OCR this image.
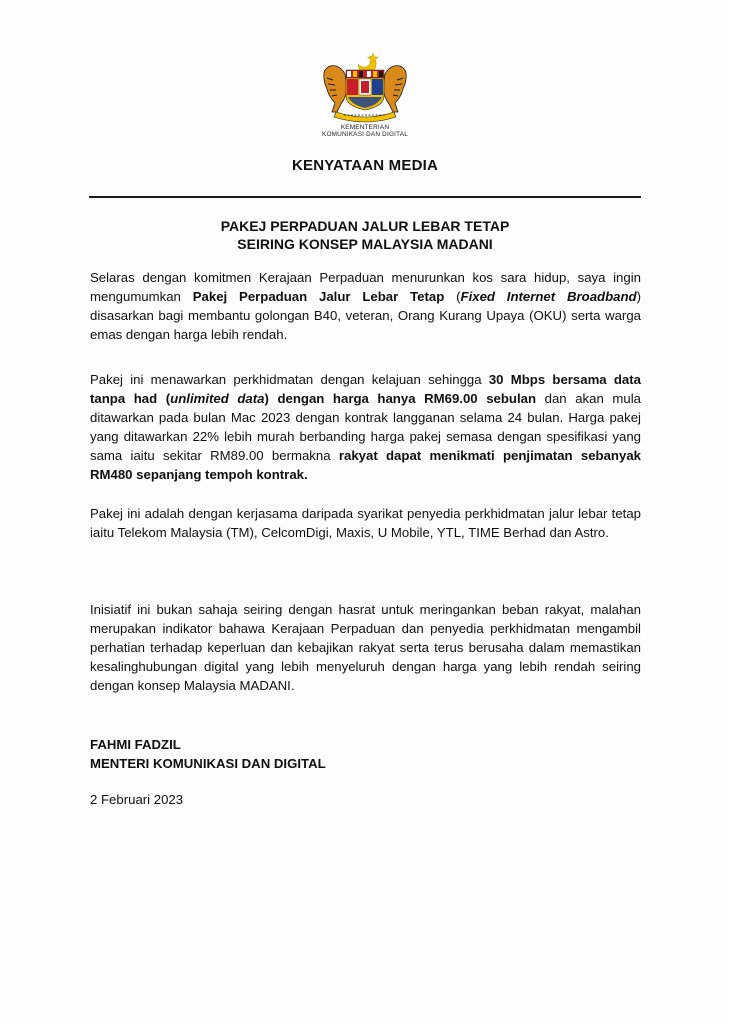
KEMENTERIAN
KOMUNIKASI DAN DIGITAL
KENYATAAN MEDIA
PAKEJ PERPADUAN JALUR LEBAR TETAP
SEIRING KONSEP MALAYSIA MADANI

Selaras dengan komitmen Kerajaan Perpaduan menurunkan kos sara hidup, saya ingin mengumumkan Pakej Perpaduan Jalur Lebar Tetap (Fixed Internet Broadband) disasarkan bagi membantu golongan B40, veteran, Orang Kurang Upaya (OKU) serta warga emas dengan harga lebih rendah.

Pakej ini menawarkan perkhidmatan dengan kelajuan sehingga 30 Mbps bersama data tanpa had (unlimited data) dengan harga hanya RM69.00 sebulan dan akan mula ditawarkan pada bulan Mac 2023 dengan kontrak langganan selama 24 bulan. Harga pakej yang ditawarkan 22% lebih murah berbanding harga pakej semasa dengan spesifikasi yang sama iaitu sekitar RM89.00 bermakna rakyat dapat menikmati penjimatan sebanyak RM480 sepanjang tempoh kontrak.

Pakej ini adalah dengan kerjasama daripada syarikat penyedia perkhidmatan jalur lebar tetap iaitu Telekom Malaysia (TM), CelcomDigi, Maxis, U Mobile, YTL, TIME Berhad dan Astro.

Inisiatif ini bukan sahaja seiring dengan hasrat untuk meringankan beban rakyat, malahan merupakan indikator bahawa Kerajaan Perpaduan dan penyedia perkhidmatan mengambil perhatian terhadap keperluan dan kebajikan rakyat serta terus berusaha dalam memastikan kesalinghubungan digital yang lebih menyeluruh dengan harga yang lebih rendah seiring dengan konsep Malaysia MADANI.

FAHMI FADZIL
MENTERI KOMUNIKASI DAN DIGITAL
2 Februari 2023
